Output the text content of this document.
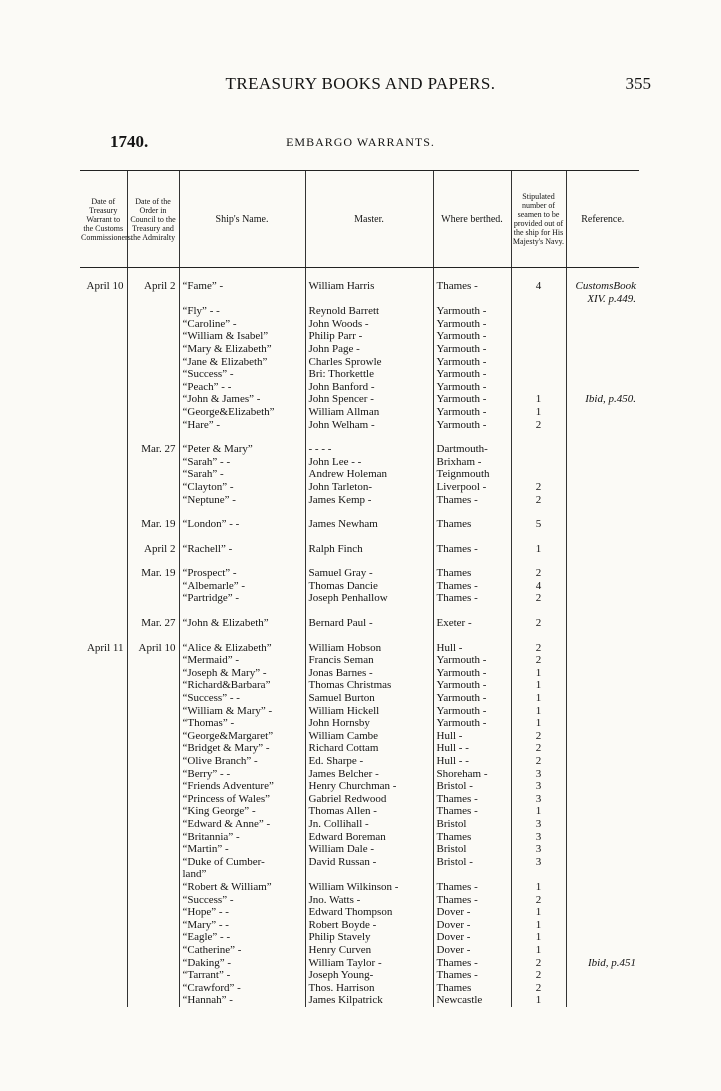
TREASURY BOOKS AND PAPERS.	355
1740.	EMBARGO WARRANTS.
Date of Treasury Warrant to the Customs Commissioners.	Date of the Order in Council to the Treasury and the Admiralty	Ship's Name.	Master.	Where berthed.	Stipulated number of seamen to be provided out of the ship for His Majesty's Navy.	Reference.

April 10	April 2	“Fame” -	William Harris	Thames -	4	CustomsBook
						XIV. p.449.
		“Fly” - -	Reynold Barrett	Yarmouth -		
		“Caroline” -	John Woods -	Yarmouth -		
		“William & Isabel”	Philip Parr -	Yarmouth -		
		“Mary & Elizabeth”	John Page -	Yarmouth -		
		“Jane & Elizabeth”	Charles Sprowle	Yarmouth -		
		“Success” -	Bri: Thorkettle	Yarmouth -		
		“Peach” - -	John Banford -	Yarmouth -		
		“John & James” -	John Spencer -	Yarmouth -	1	Ibid, p.450.
		“George&Elizabeth”	William Allman	Yarmouth -	1	
		“Hare” -	John Welham -	Yarmouth -	2	

	Mar. 27	“Peter & Mary”	- - - -	Dartmouth-		
		“Sarah” - -	John Lee - -	Brixham -		
		“Sarah” -	Andrew Holeman	Teignmouth		
		“Clayton” -	John Tarleton-	Liverpool -	2	
		“Neptune” -	James Kemp -	Thames -	2	

	Mar. 19	“London” - -	James Newham	Thames	5	

	April 2	“Rachell” -	Ralph Finch	Thames -	1	

	Mar. 19	“Prospect” -	Samuel Gray -	Thames	2	
		“Albemarle” -	Thomas Dancie	Thames -	4	
		“Partridge” -	Joseph Penhallow	Thames -	2	

	Mar. 27	“John & Elizabeth”	Bernard Paul -	Exeter -	2	

April 11	April 10	“Alice & Elizabeth”	William Hobson	Hull -	2	
		“Mermaid” -	Francis Seman	Yarmouth -	2	
		“Joseph & Mary” -	Jonas Barnes -	Yarmouth -	1	
		“Richard&Barbara”	Thomas Christmas	Yarmouth -	1	
		“Success” - -	Samuel Burton	Yarmouth -	1	
		“William & Mary” -	William Hickell	Yarmouth -	1	
		“Thomas” -	John Hornsby	Yarmouth -	1	
		“George&Margaret”	William Cambe	Hull -	2	
		“Bridget & Mary” -	Richard Cottam	Hull - -	2	
		“Olive Branch” -	Ed. Sharpe -	Hull - -	2	
		“Berry” - -	James Belcher -	Shoreham -	3	
		“Friends Adventure”	Henry Churchman -	Bristol -	3	
		“Princess of Wales”	Gabriel Redwood	Thames -	3	
		“King George” -	Thomas Allen -	Thames -	1	
		“Edward & Anne” -	Jn. Collihall -	Bristol	3	
		“Britannia” -	Edward Boreman	Thames	3	
		“Martin” -	William Dale -	Bristol	3	
		“Duke of Cumber-	David Russan -	Bristol -	3	
		land”				
		“Robert & William”	William Wilkinson -	Thames -	1	
		“Success” -	Jno. Watts -	Thames -	2	
		“Hope” - -	Edward Thompson	Dover -	1	
		“Mary” - -	Robert Boyde -	Dover -	1	
		“Eagle” - -	Philip Stavely	Dover -	1	
		“Catherine” -	Henry Curven	Dover -	1	
		“Daking” -	William Taylor -	Thames -	2	Ibid, p.451
		“Tarrant” -	Joseph Young-	Thames -	2	
		“Crawford” -	Thos. Harrison	Thames	2	
		“Hannah” -	James Kilpatrick	Newcastle	1	
